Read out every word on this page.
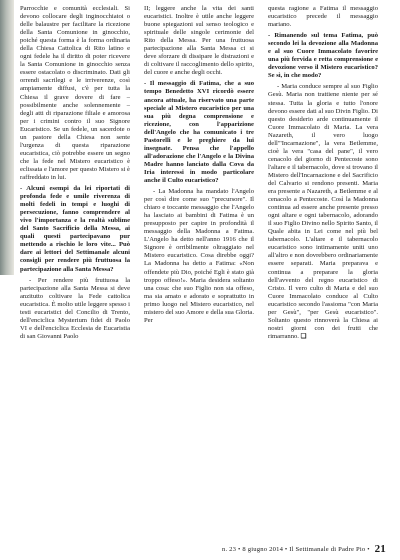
Parrocchie e comunità ecclesiali. Si devono collocare degli inginocchiatoi o delle balaustre per facilitare la ricezione della Santa Comunione in ginocchio, poiché questa forma è la forma ordinaria della Chiesa Cattolica di Rito latino e ogni fedele ha il diritto di poter ricevere la Santa Comunione in ginocchio senza essere ostacolato o discriminato. Dati gli orrendi sacrilegi e le irriverenze, così ampiamente diffusi, c'è per tutta la Chiesa il grave dovere di fare – possibilmente anche solennemente – degli atti di riparazione filiale e amorosa per i crimini contro il suo Signore Eucaristico. Se un fedele, un sacerdote o un pastore della Chiesa non sente l'urgenza di questa riparazione eucaristica, ciò potrebbe essere un segno che la fede nel Mistero eucaristico è eclissata e l'amore per questo Mistero si è raffreddato in lui.

- Alcuni esempi da lei riportati di profonda fede e umile riverenza di molti fedeli in tempi e luoghi di persecuzione, fanno comprendere al vivo l'importanza e la realtà sublime del Santo Sacrificio della Messa, ai quali questi partecipavano pur mettendo a rischio le loro vite... Può dare ai lettori del Settimanale alcuni consigli per rendere più fruttuosa la partecipazione alla Santa Messa?

- Per rendere più fruttuosa la partecipazione alla Santa Messa si deve anzitutto coltivare la Fede cattolica eucaristica. È molto utile leggere spesso i testi eucaristici del Concilio di Trento, dell'enciclica Mysterium fidei di Paolo VI e dell'enciclica Ecclesia de Eucaristia di san Giovanni Paolo

II; leggere anche la vita dei santi eucaristici. Inoltre è utile anche leggere buone spiegazioni sul senso teologico e spirituale delle singole cerimonie del Rito della Messa. Per una fruttuosa partecipazione alla Santa Messa ci si deve sforzare di dissipare le distrazioni e di coltivare il raccoglimento dello spirito, del cuore e anche degli occhi.

- Il messaggio di Fatima, che a suo tempo Benedetto XVI ricordò essere ancora attuale, ha riservato una parte speciale al Mistero eucaristico per una sua più degna comprensione e ricezione, con l'apparizione dell'Angelo che ha comunicato i tre Pastorelli e le preghiere da lui insegnate. Pensa che l'appello all'adorazione che l'Angelo e la Divina Madre hanno lanciato dalla Cova da Iria interessi in modo particolare anche il Culto eucaristico?

- La Madonna ha mandato l'Angelo per così dire come suo "precursore". Il chiaro e toccante messaggio che l'Angelo ha lasciato ai bambini di Fatima è un presupposto per capire in profondità il messaggio della Madonna a Fatima. L'Angelo ha detto nell'anno 1916 che il Signore è orribilmente oltraggiato nel Mistero eucaristico. Cosa direbbe oggi? La Madonna ha detto a Fatima: «Non offendete più Dio, poiché Egli è stato già troppo offeso!». Maria desidera soltanto una cosa: che suo Figlio non sia offeso, ma sia amato e adorato e soprattutto in primo luogo nel Mistero eucaristico, nel mistero del suo Amore e della sua Gloria. Per

questa ragione a Fatima il messaggio eucaristico precede il messaggio mariano.

- Rimanendo sul tema Fatima, può secondo lei la devozione alla Madonna e al suo Cuore Immacolato favorire una più fervida e retta comprensione e devozione verso il Mistero eucaristico? Se sì, in che modo?

- Maria conduce sempre al suo Figlio Gesù. Maria non trattiene niente per sé stessa. Tutta la gloria e tutto l'onore devono essere dati al suo Divin Figlio. Di questo desiderio arde continuamente il Cuore Immacolato di Maria. La vera Nazareth, il vero luogo dell'"Incarnazione", la vera Betlemme, cioè la vera "casa del pane", il vero cenacolo del giorno di Pentecoste sono l'altare e il tabernacolo, dove si trovano il Mistero dell'Incarnazione e del Sacrificio del Calvario si rendono presenti. Maria era presente a Nazareth, a Betlemme e al cenacolo a Pentecoste. Così la Madonna continua ad essere anche presente presso ogni altare e ogni tabernacolo, adorando il suo Figlio Divino nello Spirito Santo, il Quale abita in Lei come nel più bel tabernacolo. L'altare e il tabernacolo eucaristico sono intimamente uniti uno all'altro e non dovrebbero ordinariamente essere separati. Maria preparava e continua a preparare la gloria dell'avvento del regno eucaristico di Cristo. Il vero culto di Maria e del suo Cuore Immacolato conduce al Culto eucaristico secondo l'assioma "con Maria per Gesù", "per Gesù eucaristico". Soltanto questo rinnoverà la Chiesa ai nostri giorni con dei frutti che rimarranno. ❑

n. 23 • 8 giugno 2014 • Il Settimanale di Padre Pio • 21
